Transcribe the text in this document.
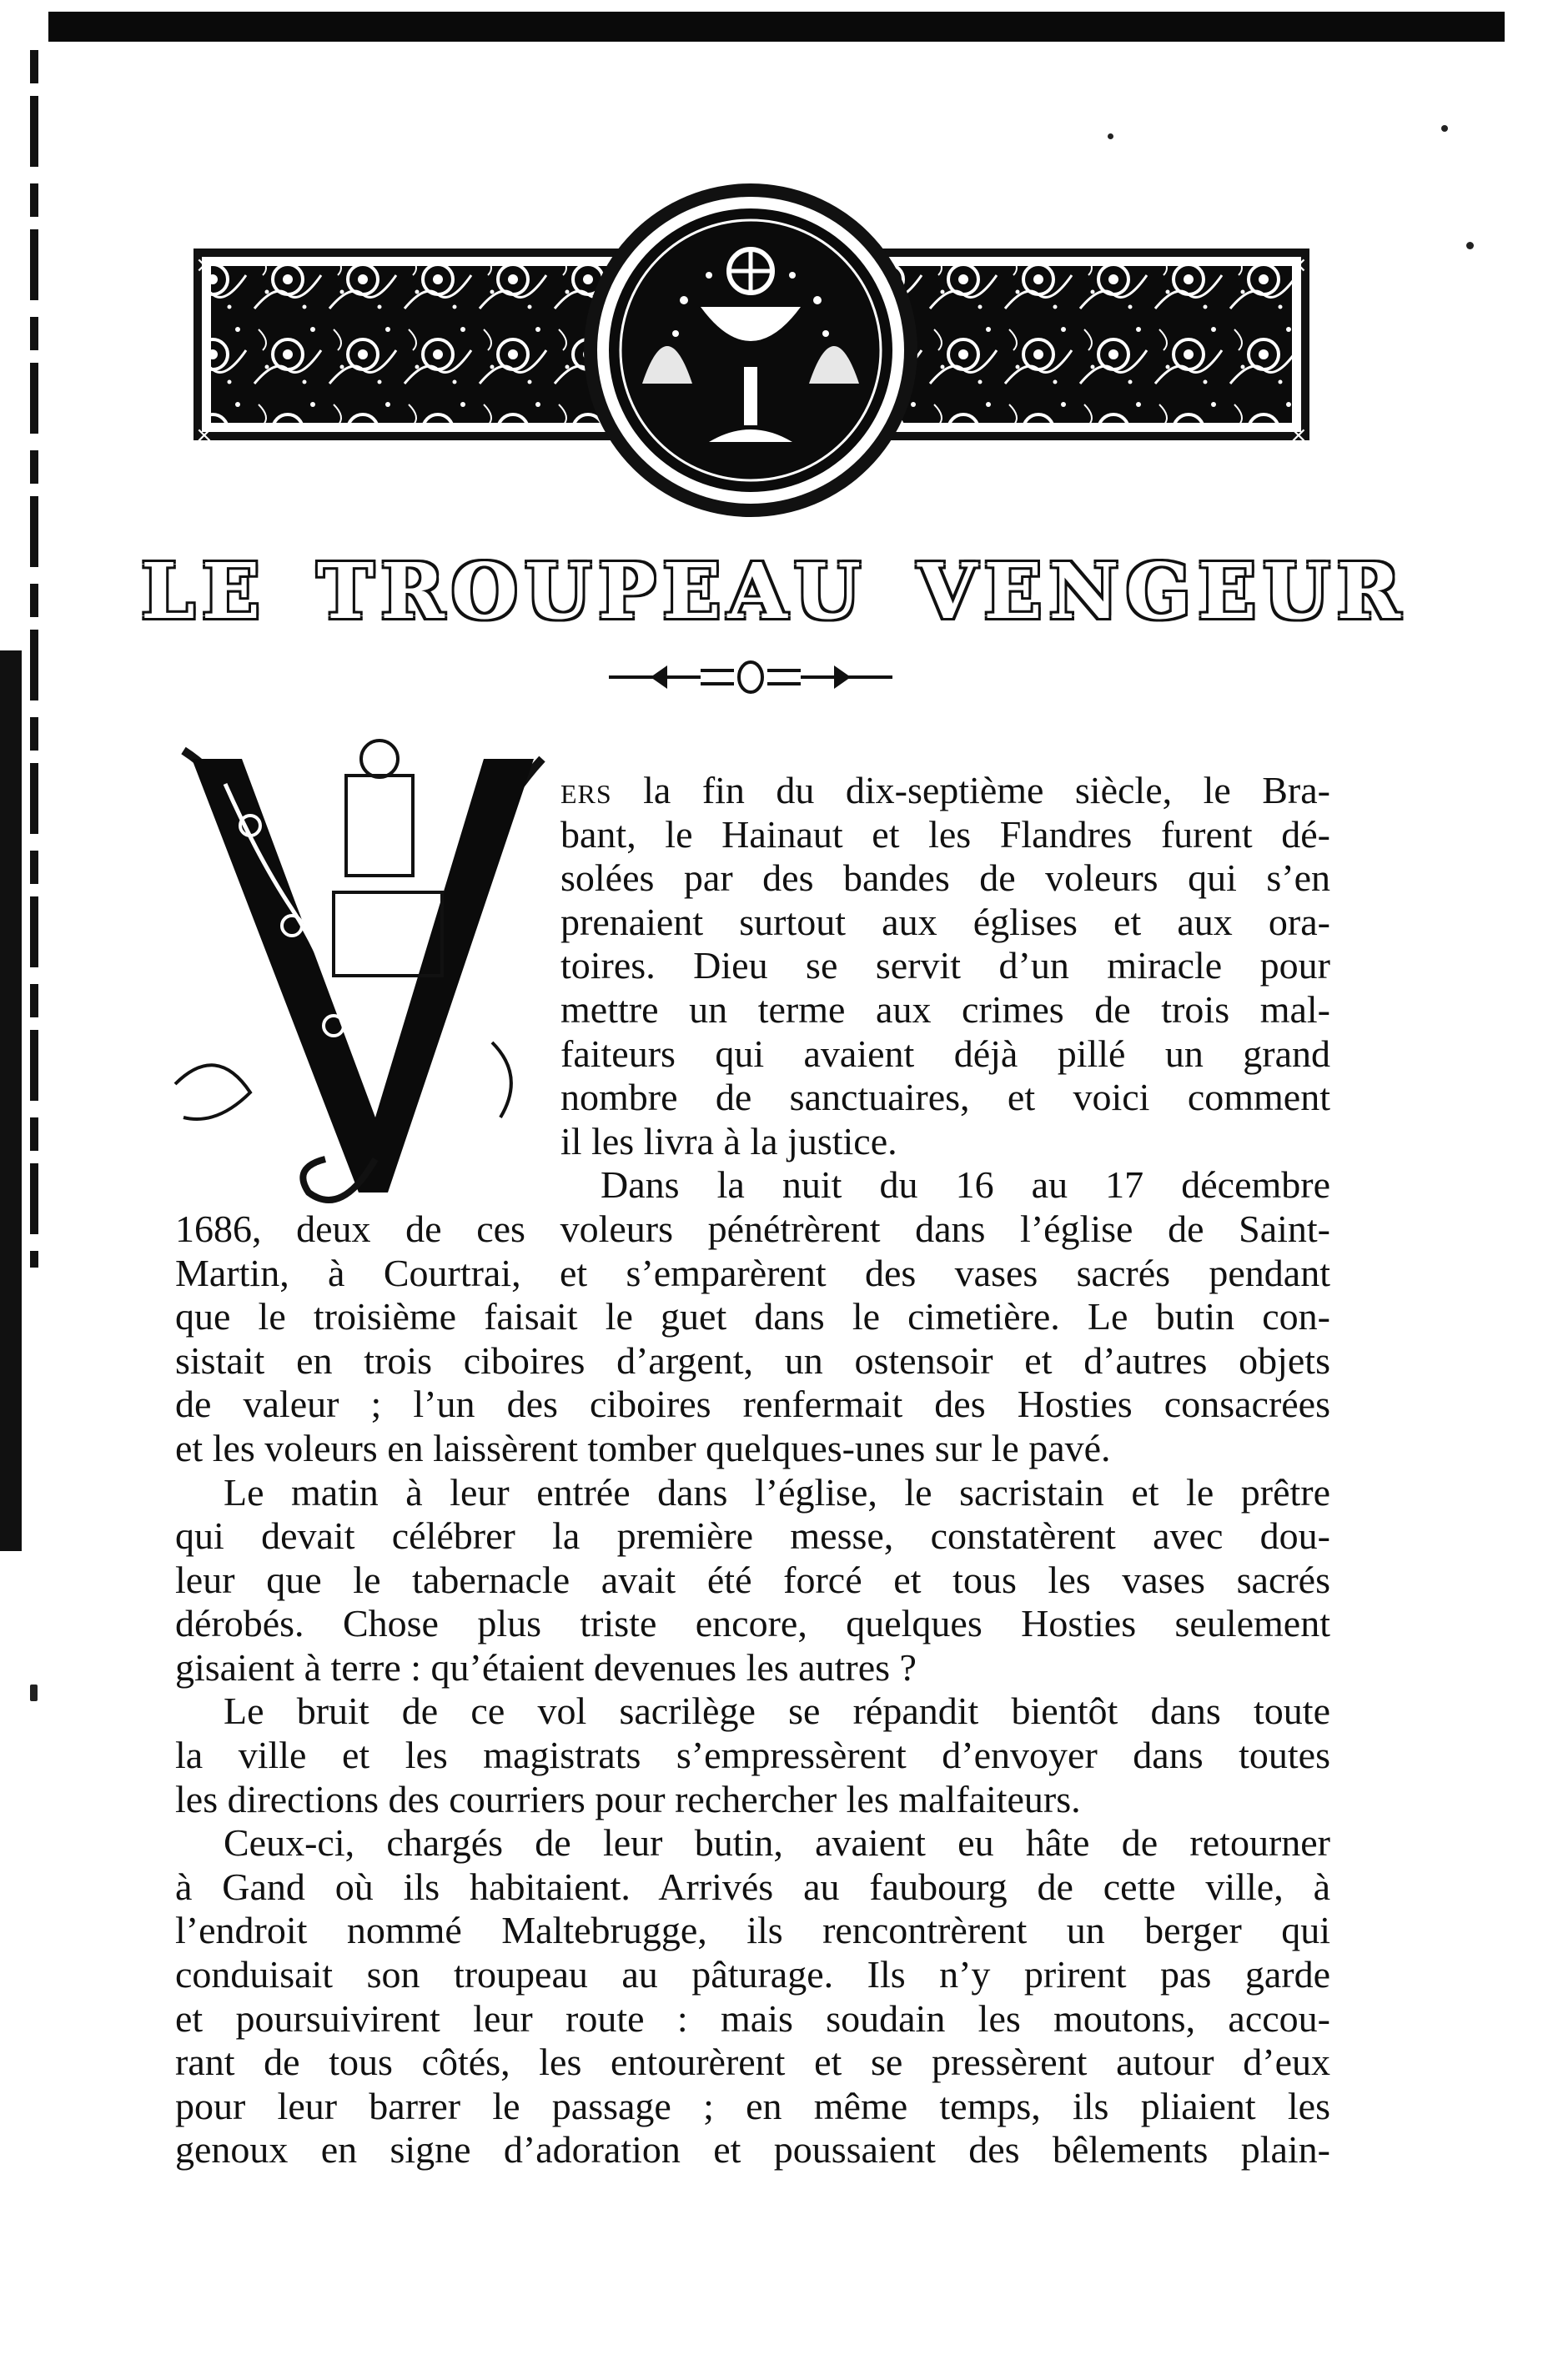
×	×
×	×
LE TROUPEAU VENGEUR
ers la fin du dix-septième siècle, le Bra-
bant, le Hainaut et les Flandres furent dé-
solées par des bandes de voleurs qui s’en
prenaient surtout aux églises et aux ora-
toires. Dieu se servit d’un miracle pour
mettre un terme aux crimes de trois mal-
faiteurs qui avaient déjà pillé un grand
nombre de sanctuaires, et voici comment
il les livra à la justice.
Dans la nuit du 16 au 17 décembre
1686, deux de ces voleurs pénétrèrent dans l’église de Saint-
Martin, à Courtrai, et s’emparèrent des vases sacrés pendant
que le troisième faisait le guet dans le cimetière. Le butin con-
sistait en trois ciboires d’argent, un ostensoir et d’autres objets
de valeur ; l’un des ciboires renfermait des Hosties consacrées
et les voleurs en laissèrent tomber quelques-unes sur le pavé.
Le matin à leur entrée dans l’église, le sacristain et le prêtre
qui devait célébrer la première messe, constatèrent avec dou-
leur que le tabernacle avait été forcé et tous les vases sacrés
dérobés. Chose plus triste encore, quelques Hosties seulement
gisaient à terre : qu’étaient devenues les autres ?
Le bruit de ce vol sacrilège se répandit bientôt dans toute
la ville et les magistrats s’empressèrent d’envoyer dans toutes
les directions des courriers pour rechercher les malfaiteurs.
Ceux-ci, chargés de leur butin, avaient eu hâte de retourner
à Gand où ils habitaient. Arrivés au faubourg de cette ville, à
l’endroit nommé Maltebrugge, ils rencontrèrent un berger qui
conduisait son troupeau au pâturage. Ils n’y prirent pas garde
et poursuivirent leur route : mais soudain les moutons, accou-
rant de tous côtés, les entourèrent et se pressèrent autour d’eux
pour leur barrer le passage ; en même temps, ils pliaient les
genoux en signe d’adoration et poussaient des bêlements plain-
